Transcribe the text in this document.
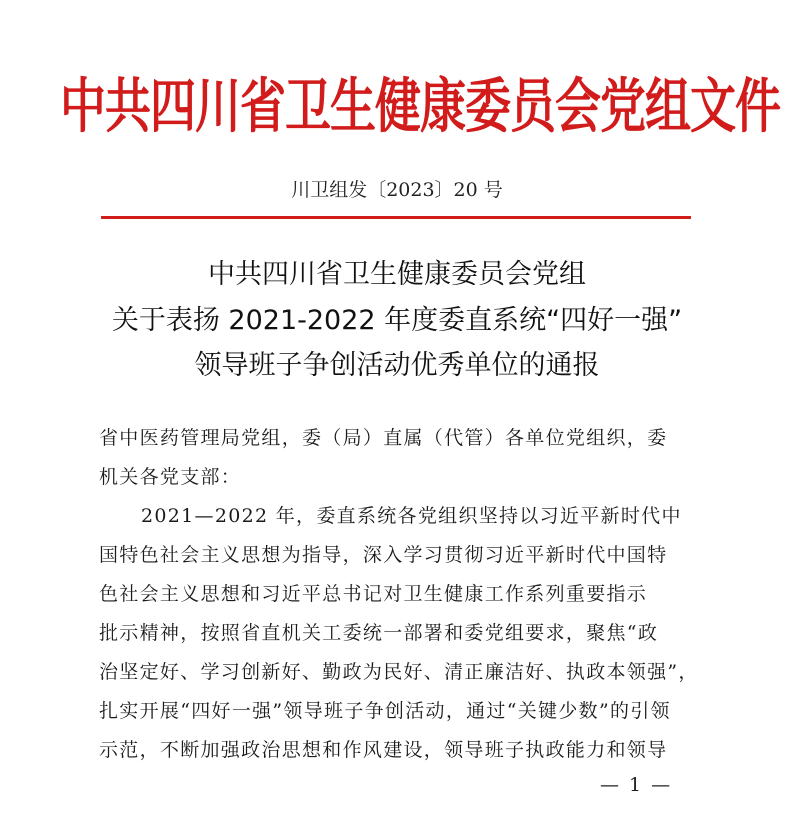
中共四川省卫生健康委员会党组文件
川卫组发〔2023〕20 号
中共四川省卫生健康委员会党组
关于表扬 2021-2022 年度委直系统“四好一强”
领导班子争创活动优秀单位的通报
省中医药管理局党组，委（局）直属（代管）各单位党组织，委
机关各党支部：
2021—2022 年，委直系统各党组织坚持以习近平新时代中
国特色社会主义思想为指导，深入学习贯彻习近平新时代中国特
色社会主义思想和习近平总书记对卫生健康工作系列重要指示
批示精神，按照省直机关工委统一部署和委党组要求，聚焦“政
治坚定好、学习创新好、勤政为民好、清正廉洁好、执政本领强”，
扎实开展“四好一强”领导班子争创活动，通过“关键少数”的引领
示范，不断加强政治思想和作风建设，领导班子执政能力和领导
— 1 —
